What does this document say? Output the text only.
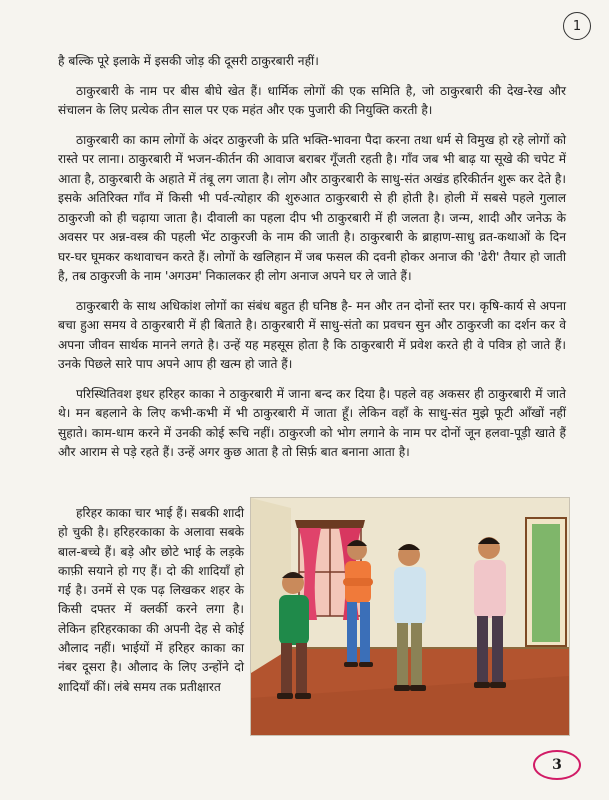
1

है बल्कि पूरे इलाके में इसकी जोड़ की दूसरी ठाकुरबारी नहीं।

ठाकुरबारी के नाम पर बीस बीघे खेत हैं। धार्मिक लोगों की एक समिति है, जो ठाकुरबारी की देख-रेख और संचालन के लिए प्रत्येक तीन साल पर एक महंत और एक पुजारी की नियुक्ति करती है।

ठाकुरबारी का काम लोगों के अंदर ठाकुरजी के प्रति भक्ति-भावना पैदा करना तथा धर्म से विमुख हो रहे लोगों को रास्ते पर लाना। ठाकुरबारी में भजन-कीर्तन की आवाज बराबर गूँजती रहती है। गाँव जब भी बाढ़ या सूखे की चपेट में आता है, ठाकुरबारी के अहाते में तंबू लग जाता है। लोग और ठाकुरबारी के साधु-संत अखंड हरिकीर्तन शुरू कर देते है। इसके अतिरिक्त गाँव में किसी भी पर्व-त्योहार की शुरुआत ठाकुरबारी से ही होती है। होली में सबसे पहले गुलाल ठाकुरजी को ही चढ़ाया जाता है। दीवाली का पहला दीप भी ठाकुरबारी में ही जलता है। जन्म, शादी और जनेऊ के अवसर पर अन्न-वस्त्र की पहली भेंट ठाकुरजी के नाम की जाती है। ठाकुरबारी के ब्राहाण-साधु व्रत-कथाओं के दिन घर-घर घूमकर कथावाचन करते हैं। लोगों के खलिहान में जब फसल की दवनी होकर अनाज की 'ढेरी' तैयार हो जाती है, तब ठाकुरजी के नाम 'अगउम' निकालकर ही लोग अनाज अपने घर ले जाते हैं।

ठाकुरबारी के साथ अधिकांश लोगों का संबंध बहुत ही घनिष्ठ है- मन और तन दोनों स्तर पर। कृषि-कार्य से अपना बचा हुआ समय वे ठाकुरबारी में ही बिताते है। ठाकुरबारी में साधु-संतो का प्रवचन सुन और ठाकुरजी का दर्शन कर वे अपना जीवन सार्थक मानने लगते है। उन्हें यह महसूस होता है कि ठाकुरबारी में प्रवेश करते ही वे पवित्र हो जाते हैं। उनके पिछले सारे पाप अपने आप ही खत्म हो जाते हैं।

परिस्थितिवश इधर हरिहर काका ने ठाकुरबारी में जाना बन्द कर दिया है। पहले वह अकसर ही ठाकुरबारी में जाते थे। मन बहलाने के लिए कभी-कभी में भी ठाकुरबारी में जाता हूँ। लेकिन वहाँ के साधु-संत मुझे फूटी आँखों नहीं सुहाते। काम-धाम करने में उनकी कोई रूचि नहीं। ठाकुरजी को भोग लगाने के नाम पर दोनों जून हलवा-पूड़ी खाते हैं और आराम से पड़े रहते हैं। उन्हें अगर कुछ आता है तो सिर्फ़ बात बनाना आता है।

हरिहर काका चार भाई हैं। सबकी शादी हो चुकी है। हरिहरकाका के अलावा सबके बाल-बच्चे हैं। बड़े और छोटे भाई के लड़के काफ़ी सयाने हो गए हैं। दो की शादियाँ हो गई है। उनमें से एक पढ़ लिखकर शहर के किसी दफ्तर में क्लर्की करने लगा है। लेकिन हरिहरकाका की अपनी देह से कोई औलाद नहीं। भाईयों में हरिहर काका का नंबर दूसरा है। औलाद के लिए उन्होंने दो शादियाँ कीं। लंबे समय तक प्रतीक्षारत

3
